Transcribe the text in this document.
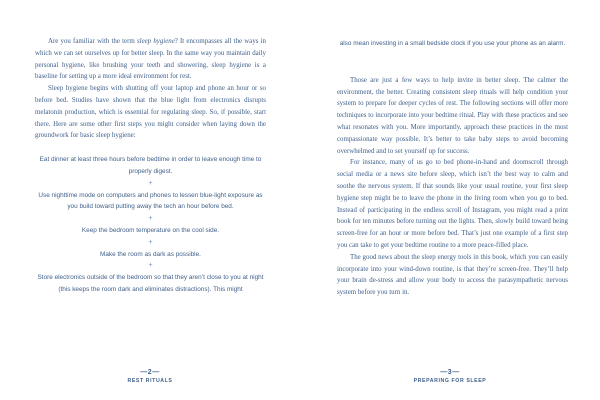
Are you familiar with the term sleep hygiene? It encompasses all the ways in which we can set ourselves up for better sleep. In the same way you maintain daily personal hygiene, like brushing your teeth and showering, sleep hygiene is a baseline for setting up a more ideal environment for rest.

Sleep hygiene begins with shutting off your laptop and phone an hour or so before bed. Studies have shown that the blue light from electronics disrupts melatonin production, which is essential for regulating sleep. So, if possible, start there. Here are some other first steps you might consider when laying down the groundwork for basic sleep hygiene:

Eat dinner at least three hours before bedtime in order to leave enough time to properly digest.
+
Use nighttime mode on computers and phones to lessen blue-light exposure as you build toward putting away the tech an hour before bed.
+
Keep the bedroom temperature on the cool side.
+
Make the room as dark as possible.
+
Store electronics outside of the bedroom so that they aren’t close to you at night (this keeps the room dark and eliminates distractions). This might
—2—
REST RITUALS
also mean investing in a small bedside clock if you use your phone as an alarm.

Those are just a few ways to help invite in better sleep. The calmer the environment, the better. Creating consistent sleep rituals will help condition your system to prepare for deeper cycles of rest. The following sections will offer more techniques to incorporate into your bedtime ritual. Play with these practices and see what resonates with you. More importantly, approach these practices in the most compassionate way possible. It’s better to take baby steps to avoid becoming overwhelmed and to set yourself up for success.

For instance, many of us go to bed phone-in-hand and doomscroll through social media or a news site before sleep, which isn’t the best way to calm and soothe the nervous system. If that sounds like your usual routine, your first sleep hygiene step might be to leave the phone in the living room when you go to bed. Instead of participating in the endless scroll of Instagram, you might read a print book for ten minutes before turning out the lights. Then, slowly build toward being screen-free for an hour or more before bed. That’s just one example of a first step you can take to get your bedtime routine to a more peace-filled place.

The good news about the sleep energy tools in this book, which you can easily incorporate into your wind-down routine, is that they’re screen-free. They’ll help your brain de-stress and allow your body to access the parasympathetic nervous system before you turn in.

—3—
PREPARING FOR SLEEP
